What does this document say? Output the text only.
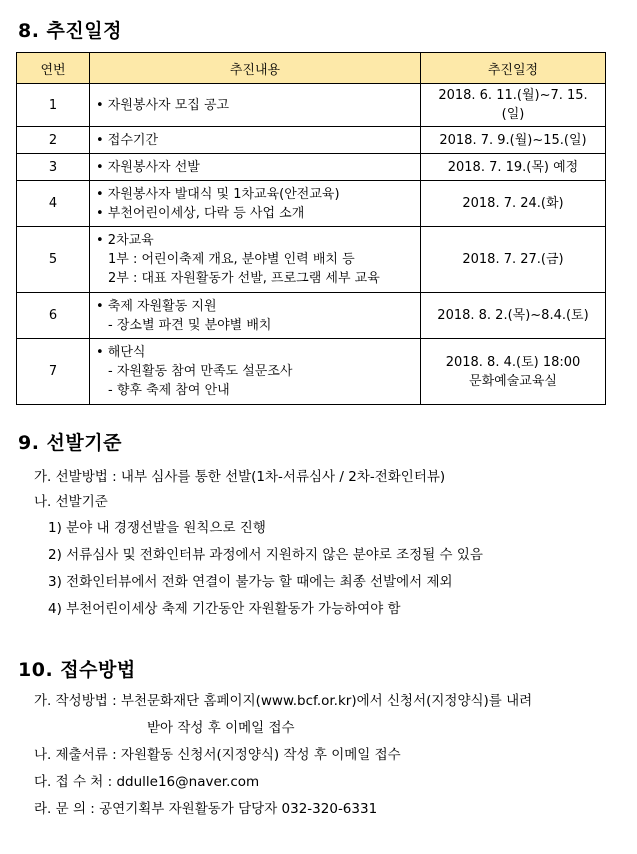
8. 추진일정
연번	추진내용	추진일정
1	• 자원봉사자 모집 공고	2018. 6. 11.(월)~7. 15.(일)
2	• 접수기간	2018. 7. 9.(월)~15.(일)
3	• 자원봉사자 선발	2018. 7. 19.(목) 예정
4	• 자원봉사자 발대식 및 1차교육(안전교육)
• 부천어린이세상, 다락 등 사업 소개	2018. 7. 24.(화)
5	• 2차교육
1부 : 어린이축제 개요, 분야별 인력 배치 등
2부 : 대표 자원활동가 선발, 프로그램 세부 교육	2018. 7. 27.(금)
6	• 축제 자원활동 지원
- 장소별 파견 및 분야별 배치	2018. 8. 2.(목)~8.4.(토)
7	• 해단식
- 자원활동 참여 만족도 설문조사
- 향후 축제 참여 안내	2018. 8. 4.(토) 18:00
문화예술교육실
9. 선발기준
가. 선발방법 : 내부 심사를 통한 선발(1차-서류심사 / 2차-전화인터뷰)
나. 선발기준
1) 분야 내 경쟁선발을 원칙으로 진행
2) 서류심사 및 전화인터뷰 과정에서 지원하지 않은 분야로 조정될 수 있음
3) 전화인터뷰에서 전화 연결이 불가능 할 때에는 최종 선발에서 제외
4) 부천어린이세상 축제 기간동안 자원활동가 가능하여야 함
10. 접수방법
가. 작성방법 : 부천문화재단 홈페이지(www.bcf.or.kr)에서 신청서(지정양식)를 내려
받아 작성 후 이메일 접수
나. 제출서류 : 자원활동 신청서(지정양식) 작성 후 이메일 접수
다. 접 수 처 : ddulle16@naver.com
라. 문 의 : 공연기획부 자원활동가 담당자 032-320-6331
